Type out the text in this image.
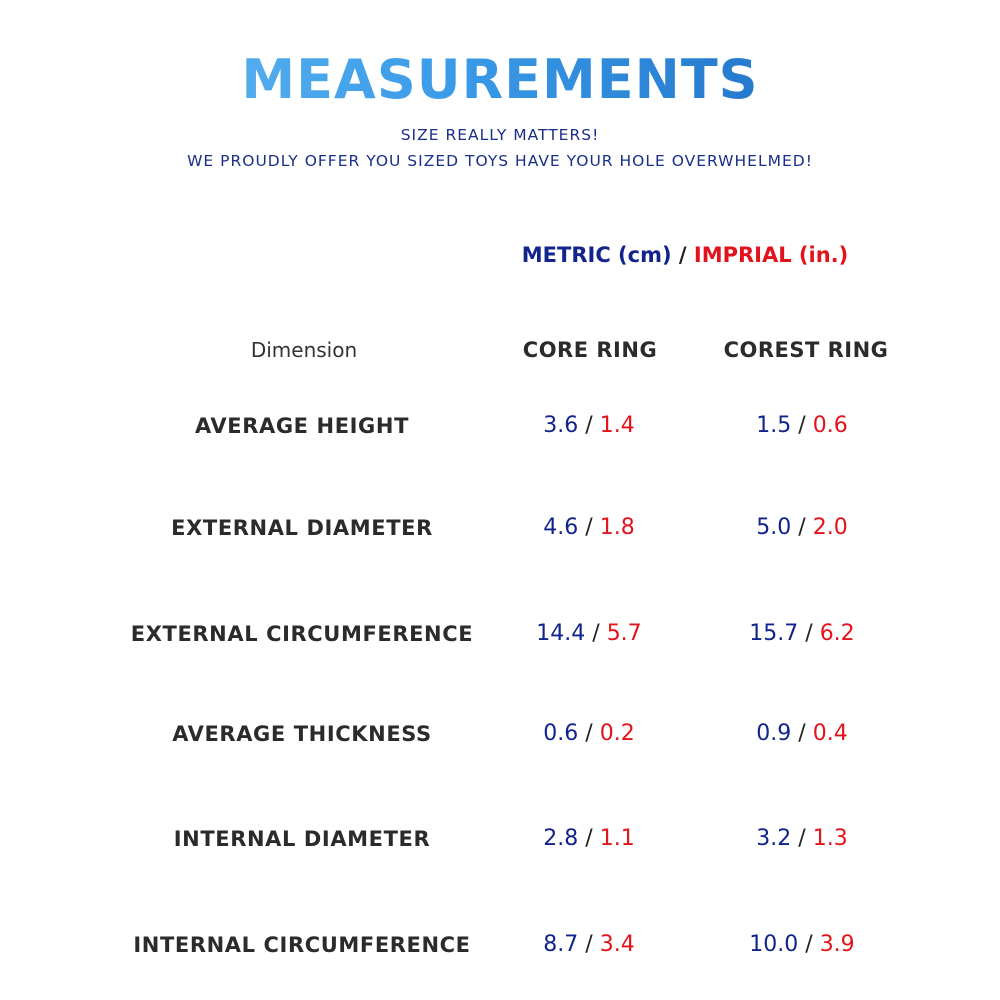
MEASUREMENTS
SIZE REALLY MATTERS!
WE PROUDLY OFFER YOU SIZED TOYS HAVE YOUR HOLE OVERWHELMED!
METRIC (cm) / IMPRIAL (in.)
Dimension	CORE RING	COREST RING
AVERAGE HEIGHT	3.6 / 1.4	1.5 / 0.6
EXTERNAL DIAMETER	4.6 / 1.8	5.0 / 2.0
EXTERNAL CIRCUMFERENCE	14.4 / 5.7	15.7 / 6.2
AVERAGE THICKNESS	0.6 / 0.2	0.9 / 0.4
INTERNAL DIAMETER	2.8 / 1.1	3.2 / 1.3
INTERNAL CIRCUMFERENCE	8.7 / 3.4	10.0 / 3.9
